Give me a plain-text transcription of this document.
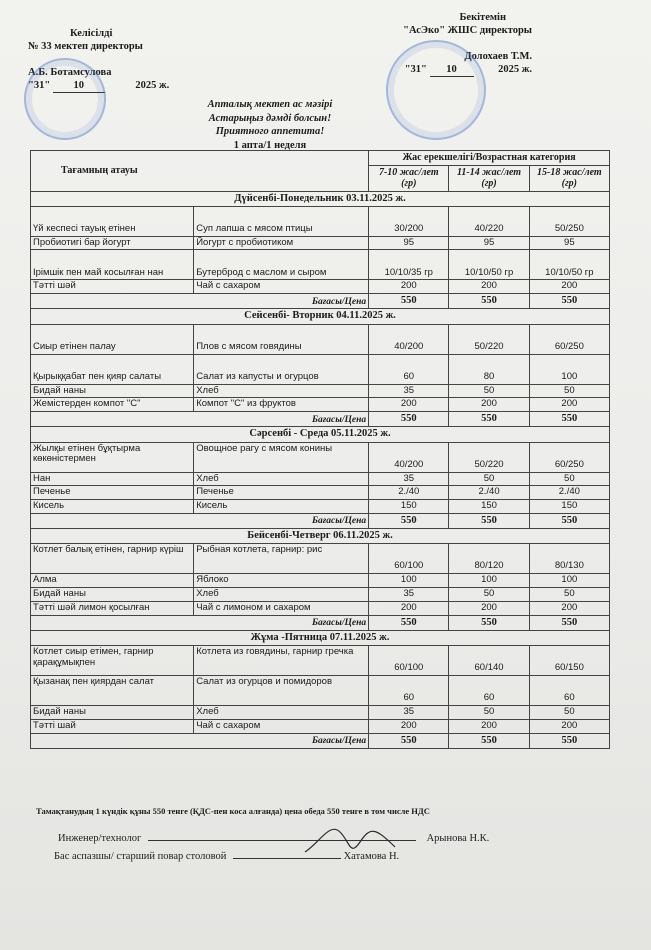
Келісілді
№ 33 мектеп директоры
А.Б. Ботамсулова
"31" 10	2025 ж.
Бекітемін
"АсЭко" ЖШС директоры
Долохаев Т.М.
"31" 10	2025 ж.
Апталық мектеп ас мәзірі
Астарыңыз дәмді болсын!
Приятного аппетита!
1 апта/1 неделя
Тағамның атауы		Жас ерекшелігі/Возрастная категория		
		7-10 жас/лет (гр)	11-14 жас/лет (гр)	15-18 жас/лет (гр)
Дүйсенбі-Понедельник 03.11.2025 ж.				
Үй кеспесі тауық етінен	Суп лапша с мясом птицы	30/200	40/220	50/250
Пробиотигі бар йогурт	Йогурт с пробиотиком	95	95	95
Ірімшік пен май косылған нан	Бутерброд с маслом и сыром	10/10/35 гр	10/10/50 гр	10/10/50 гр
Тәтті шәй	Чай с сахаром	200	200	200
Бағасы/Цена		550	550	550
Сейсенбі- Вторник 04.11.2025 ж.				
Сиыр етінен палау	Плов с мясом говядины	40/200	50/220	60/250
Қырыққабат пен қияр салаты	Салат из капусты и огурцов	60	80	100
Бидай наны	Хлеб	35	50	50
Жемістерден компот "С"	Компот "С" из фруктов	200	200	200
Бағасы/Цена		550	550	550
Сәрсенбі - Среда 05.11.2025 ж.				
Жылқы етінен бұқтырма көкөністермен	Овощное рагу с мясом конины	40/200	50/220	60/250
Нан	Хлеб	35	50	50
Печенье	Печенье	2./40	2./40	2./40
Кисель	Кисель	150	150	150
Бағасы/Цена		550	550	550
Бейсенбі-Четверг 06.11.2025 ж.				
Котлет балық етінен, гарнир күріш	Рыбная котлета, гарнир: рис	60/100	80/120	80/130
Алма	Яблоко	100	100	100
Бидай наны	Хлеб	35	50	50
Тәтті шәй лимон қосылған	Чай с лимоном и сахаром	200	200	200
Бағасы/Цена		550	550	550
Жұма -Пятница 07.11.2025 ж.				
Котлет сиыр етімен, гарнир қарақұмықпен	Котлета из говядины, гарнир гречка	60/100	60/140	60/150
Қызанақ пен қиярдан салат	Салат из огурцов и помидоров	60	60	60
Бидай наны	Хлеб	35	50	50
Тәтті шай	Чай с сахаром	200	200	200
Бағасы/Цена		550	550	550
Тамақтанудың 1 күндік құны 550 тенге (ҚДС-пен коса алғанда) цена обеда 550 тенге в том числе НДС
Инженер/технолог	Арынова Н.К.
Бас аспазшы/ старший повар столовой	Хатамова Н.
